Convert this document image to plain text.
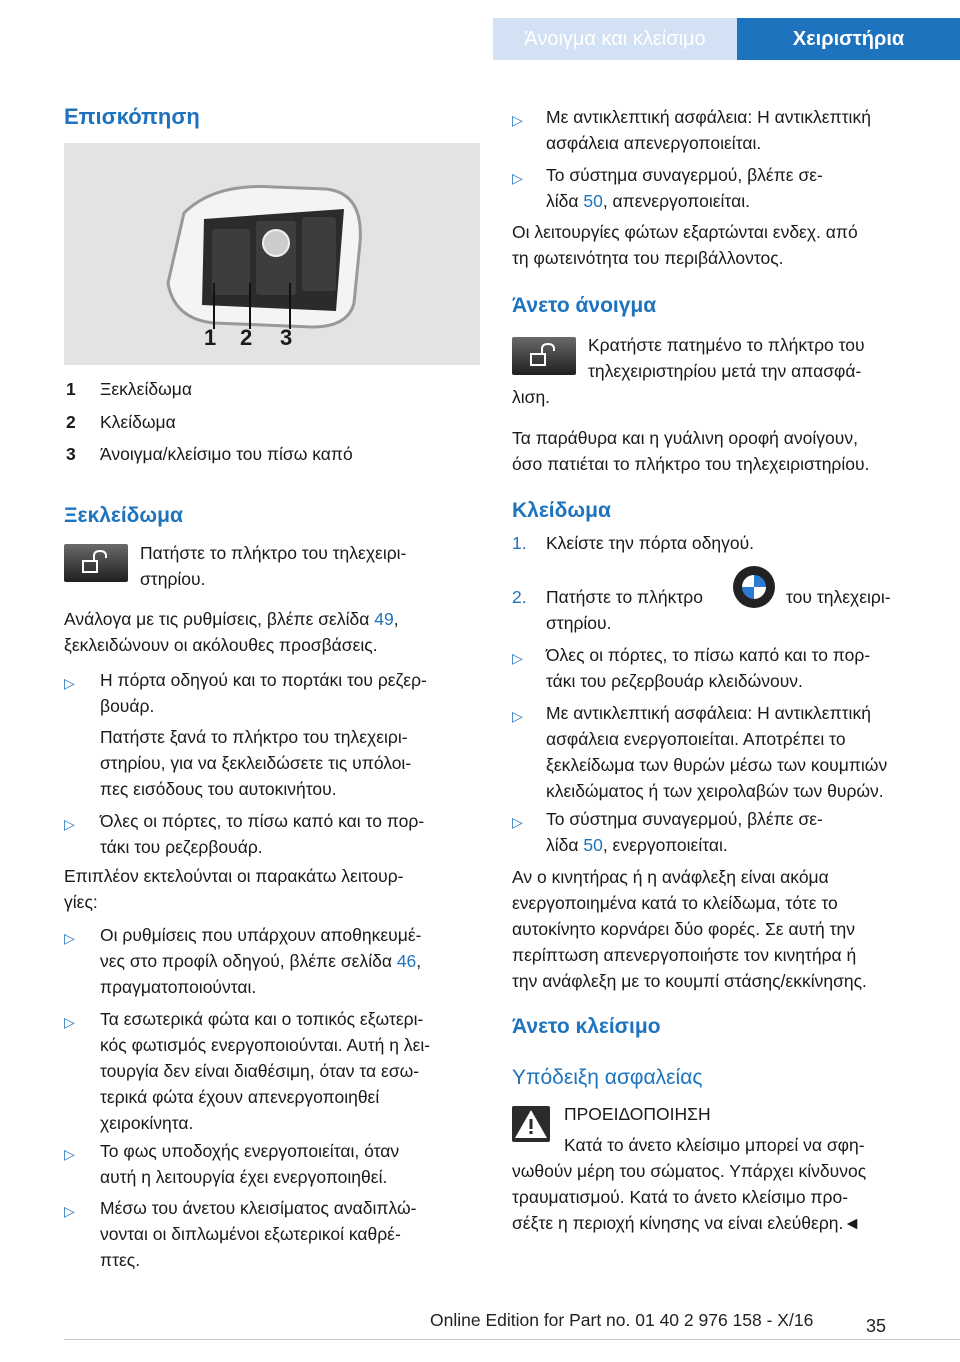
Άνοιγμα και κλείσιμο	Χειριστήρια
Επισκόπηση
1 2 3
1 Ξεκλείδωμα
2 Κλείδωμα
3 Άνοιγμα/κλείσιμο του πίσω καπό
Ξεκλείδωμα
Πατήστε το πλήκτρο του τηλεχειρι-
στηρίου.
Ανάλογα με τις ρυθμίσεις, βλέπε σελίδα 49,
ξεκλειδώνουν οι ακόλουθες προσβάσεις.
▷ Η πόρτα οδηγού και το πορτάκι του ρεζερ-
βουάρ.
Πατήστε ξανά το πλήκτρο του τηλεχειρι-
στηρίου, για να ξεκλειδώσετε τις υπόλοι-
πες εισόδους του αυτοκινήτου.
▷ Όλες οι πόρτες, το πίσω καπό και το πορ-
τάκι του ρεζερβουάρ.
Επιπλέον εκτελούνται οι παρακάτω λειτουρ-
γίες:
▷ Οι ρυθμίσεις που υπάρχουν αποθηκευμέ-
νες στο προφίλ οδηγού, βλέπε σελίδα 46,
πραγματοποιούνται.
▷ Τα εσωτερικά φώτα και ο τοπικός εξωτερι-
κός φωτισμός ενεργοποιούνται. Αυτή η λει-
τουργία δεν είναι διαθέσιμη, όταν τα εσω-
τερικά φώτα έχουν απενεργοποιηθεί
χειροκίνητα.
▷ Το φως υποδοχής ενεργοποιείται, όταν
αυτή η λειτουργία έχει ενεργοποιηθεί.
▷ Μέσω του άνετου κλεισίματος αναδιπλώ-
νονται οι διπλωμένοι εξωτερικοί καθρέ-
πτες.
▷ Με αντικλεπτική ασφάλεια: Η αντικλεπτική
ασφάλεια απενεργοποιείται.
▷ Το σύστημα συναγερμού, βλέπε σε-
λίδα 50, απενεργοποιείται.
Οι λειτουργίες φώτων εξαρτώνται ενδεχ. από
τη φωτεινότητα του περιβάλλοντος.
Άνετο άνοιγμα
Κρατήστε πατημένο το πλήκτρο του
τηλεχειριστηρίου μετά την απασφά-
λιση.
Τα παράθυρα και η γυάλινη οροφή ανοίγουν,
όσο πατιέται το πλήκτρο του τηλεχειριστηρίου.
Κλείδωμα
1. Κλείστε την πόρτα οδηγού.
2. Πατήστε το πλήκτρο	του τηλεχειρι-
στηρίου.
▷ Όλες οι πόρτες, το πίσω καπό και το πορ-
τάκι του ρεζερβουάρ κλειδώνουν.
▷ Με αντικλεπτική ασφάλεια: Η αντικλεπτική
ασφάλεια ενεργοποιείται. Αποτρέπει το
ξεκλείδωμα των θυρών μέσω των κουμπιών
κλειδώματος ή των χειρολαβών των θυρών.
▷ Το σύστημα συναγερμού, βλέπε σε-
λίδα 50, ενεργοποιείται.
Αν ο κινητήρας ή η ανάφλεξη είναι ακόμα
ενεργοποιημένα κατά το κλείδωμα, τότε το
αυτοκίνητο κορνάρει δύο φορές. Σε αυτή την
περίπτωση απενεργοποιήστε τον κινητήρα ή
την ανάφλεξη με το κουμπί στάσης/εκκίνησης.
Άνετο κλείσιμο
Υπόδειξη ασφαλείας
ΠΡΟΕΙΔΟΠΟΙΗΣΗ
Κατά το άνετο κλείσιμο μπορεί να σφη-
νωθούν μέρη του σώματος. Υπάρχει κίνδυνος
τραυματισμού. Κατά το άνετο κλείσιμο προ-
σέξτε η περιοχή κίνησης να είναι ελεύθερη.◄
35
Online Edition for Part no. 01 40 2 976 158 - X/16
